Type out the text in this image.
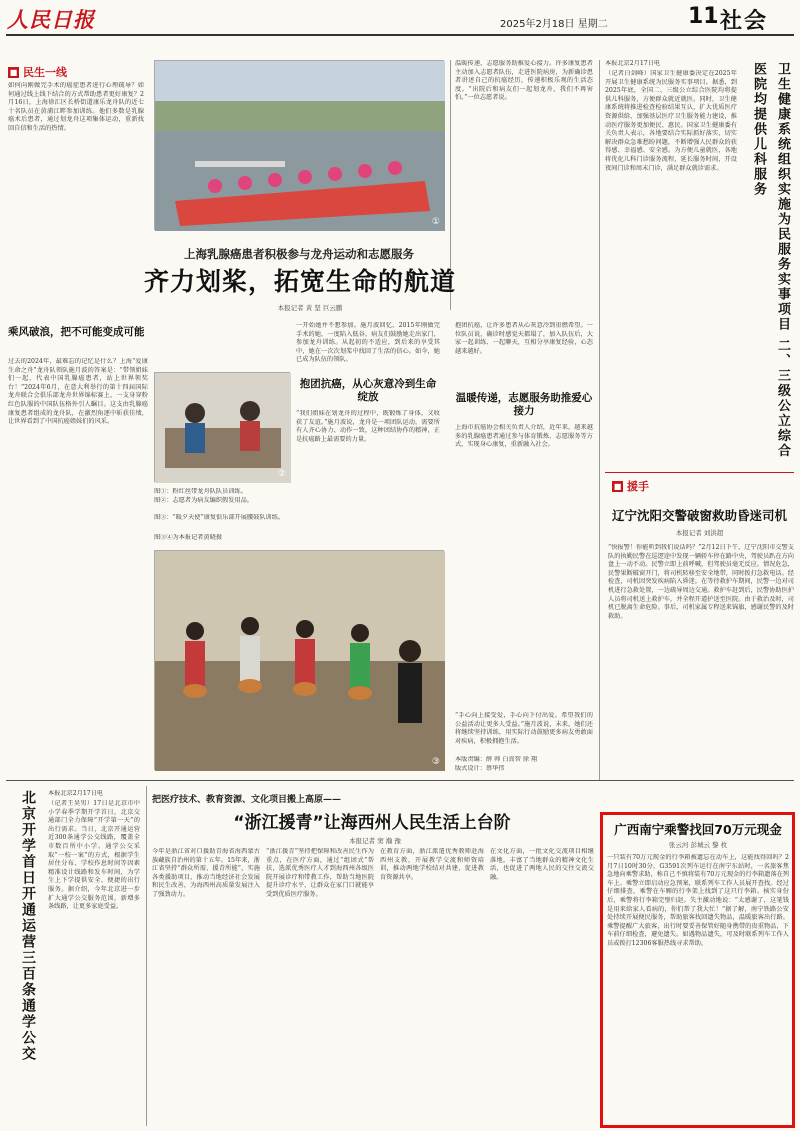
人民日报	2025年2月18日 星期二	11 社会
■ 民生一线
如何向刚做完手术的癌症患者进行心理疏导？如何通过线上线下结合的方式帮助患者更好康复？2月16日，上海徐汇区长桥街道康乐龙舟队的近七十名队员在黄浦江畔参加训练。他们多数是乳腺癌术后患者，通过划龙舟这项集体运动，重新找回自信和生活的热情。
①
温暖传递，志愿服务助推爱心接力。许多康复患者主动加入志愿者队伍，走进医院病房，为新确诊患者讲述自己的抗癌经历，传递积极乐观的生活态度。“出院后和病友们一起划龙舟，我们不再害怕。”一位志愿者说。
上海乳腺癌患者积极参与龙舟运动和志愿服务
齐力划桨，拓宽生命的航道
本报记者 黄 坚 巨云鹏
乘风破浪，把不可能变成可能
过去的2024年，最难忘的记忆是什么？上海“爱康生命之舟”龙舟队领队施月波的答案是：“带领姐妹们一起，代表中国乳腺癌患者，站上世界领奖台！”2024年6月，在意大利举行的第十四届国际龙舟联合会俱乐部龙舟世界锦标赛上，一支身穿粉红色队服的中国队伍格外引人瞩目。这支由乳腺癌康复患者组成的龙舟队，在激烈角逐中斩获佳绩，让世界看到了中国抗癌姐妹们的风采。
②
图①：粉红丝带龙舟队队员训练。
图②：志愿者为病友编织假发用品。
图③：“暖夕天使”康复俱乐部开展腰鼓队训练。
图③④为本报记者黄晓摄
一开始她并不想参加。施月波回忆，2015年刚做完手术的她，一度陷入低谷。病友们鼓励她走出家门，参加龙舟训练。从起初的不适应，到后来的享受其中，她在一次次划桨中找回了生活的信心。如今，她已成为队伍的领队。
抱团抗癌，从心灰意冷到生命绽放
“我们姐妹在划龙舟的过程中，既锻炼了身体，又收获了友谊。”施月波说，龙舟是一项团队运动，需要所有人齐心协力、动作一致，这种团结协作的精神，正是抗癌路上最需要的力量。
抱团抗癌，让许多患者从心灰意冷到重燃希望。一位队员说，确诊时感觉天都塌了，加入队伍后，大家一起训练、一起聊天，互相分享康复经验，心态越来越好。
温暖传递，志愿服务助推爱心接力
上海市抗癌协会相关负责人介绍，近年来，越来越多的乳腺癌患者通过参与体育锻炼、志愿服务等方式，实现身心康复，重新融入社会。
“手心向上接受爱，手心向下付出爱。希望我们的公益活动让更多人受益。”施月波说，未来，她们还将继续坚持训练，用实际行动鼓励更多病友勇敢面对疾病，积极拥抱生活。
本版责编：薛 帅 白真智 徐 翔
版式设计：蔡华伟
③
本报北京2月17日电
（记者白剑峰）国家卫生健康委决定在2025年开展卫生健康系统为民服务实事项目。据悉，到2025年底，全国二、三级公立综合医院均将提供儿科服务，方便群众就近就医。同时，卫生健康系统将推进检查检验结果互认，扩大优质医疗资源供给，加强基层医疗卫生服务能力建设，推动医疗服务更加便民、惠民。国家卫生健康委有关负责人表示，各地要结合实际抓好落实，切实解决群众急难愁盼问题，不断增强人民群众的获得感、幸福感、安全感。为方便儿童就医，各地将优化儿科门诊服务流程，延长服务时间，开设夜间门诊和周末门诊，满足群众就诊需求。	卫生健康系统组织实施为民服务实事项目 二、三级公立综合医院均提供儿科服务
■ 援手
辽宁沈阳交警破窗救助昏迷司机
本报记者 刘洪超
“快报警！你能听到我们说话吗？”2月12日下午，辽宁沈阳市交警支队的执勤民警在巡逻途中发现一辆轿车停在路中央，驾驶员趴在方向盘上一动不动。民警立即上前呼喊，但驾驶员毫无反应。情况危急，民警果断破窗开门，将司机转移至安全地带，同时拨打急救电话。经检查，司机因突发疾病陷入昏迷。在等待救护车期间，民警一边对司机进行急救处置，一边疏导周边交通。救护车赶到后，民警协助医护人员将司机送上救护车，并全程开道护送至医院。由于救治及时，司机已脱离生命危险。事后，司机家属专程送来锦旗，感谢民警的及时救助。
北京开学首日开通运营三百条通学公交	本报北京2月17日电
（记者王昊男）17日是北京市中小学春季学期开学首日，北京交通部门全力保障“开学第一天”的出行需求。当日，北京开通运营近300条通学公交线路，覆盖全市数百所中小学。通学公交采取“一校一案”的方式，根据学生居住分布、学校作息时间等因素精准设计线路和发车时间，为学生上下学提供安全、便捷的出行服务。据介绍，今年北京进一步扩大通学公交服务范围，新增多条线路，让更多家庭受益。
把医疗技术、教育资源、文化项目搬上高原——
“浙江援青”让海西州人民生活上台阶
本报记者 窦 瀚 豫
今年是浙江省对口援助青海省海西蒙古族藏族自治州的第十五年。15年来，浙江省坚持“群众所需、援青所能”，实施各类援助项目，推动当地经济社会发展和民生改善，为海西州高质量发展注入了强劲动力。
“浙江援青”坚持把保障和改善民生作为重点，在医疗方面，通过“组团式”帮扶，选派优秀医疗人才到海西州各级医院开展诊疗和带教工作，帮助当地医院提升诊疗水平，让群众在家门口就能享受到优质医疗服务。
在教育方面，浙江派遣优秀教师赴海西州支教，开展教学交流和师资培训，推动两地学校结对共建，促进教育资源共享。
在文化方面，一批文化交流项目相继落地，丰富了当地群众的精神文化生活，也促进了两地人民的交往交流交融。
广西南宁乘警找回70万元现金
张云河 彭城云 黎 枚
一只装有70万元现金的行李箱被遗忘在动车上，这能找得回吗？2月7日10时30分，G3591次列车运行在南宁东站时，一名旅客焦急地向乘警求助，称自己不慎将装有70万元现金的行李箱遗落在列车上。乘警立即启动应急预案，联系列车工作人员展开查找。经过仔细排查，乘警在车厢的行李架上找到了这只行李箱。核实身份后，乘警将行李箱完璧归赵。失主激动地说：“太感谢了，这笔钱是用来给家人看病的，你们帮了我大忙！”据了解，南宁铁路公安处持续开展便民服务，帮助旅客找回遗失物品，温暖旅客出行路。乘警提醒广大旅客，出行时要妥善保管好随身携带的贵重物品，下车前仔细检查，避免遗失。如遇物品遗失，可及时联系列车工作人员或拨打12306客服热线寻求帮助。
